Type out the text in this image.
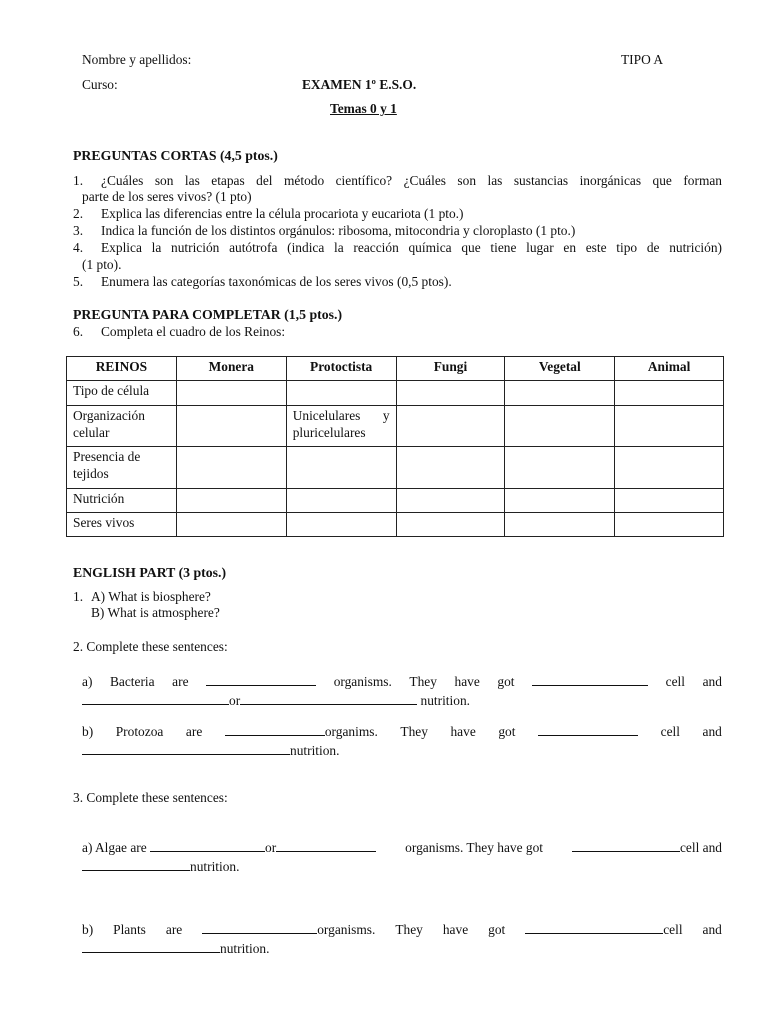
Nombre y apellidos:	TIPO A
Curso:	EXAMEN 1º E.S.O.
Temas 0 y 1
PREGUNTAS CORTAS (4,5 ptos.)
1. ¿Cuáles son las etapas del método científico? ¿Cuáles son las sustancias inorgánicas que forman
parte de los seres vivos? (1 pto)
2. Explica las diferencias entre la célula procariota y eucariota (1 pto.)
3. Indica la función de los distintos orgánulos: ribosoma, mitocondria y cloroplasto (1 pto.)
4. Explica la nutrición autótrofa (indica la reacción química que tiene lugar en este tipo de nutrición)
(1 pto).
5. Enumera las categorías taxonómicas de los seres vivos (0,5 ptos).
PREGUNTA PARA COMPLETAR (1,5 ptos.)
6. Completa el cuadro de los Reinos:
REINOS	Monera	Protoctista	Fungi	Vegetal	Animal
Tipo de célula					
Organización celular		Unicelulares y pluricelulares			
Presencia de tejidos					
Nutrición					
Seres vivos					
ENGLISH PART (3 ptos.)
1. A) What is biosphere?
B) What is atmosphere?
2. Complete these sentences:
a) Bacteria are	organisms. They have got	cell and
or	nutrition.
b) Protozoa are	organims. They have got	cell and
nutrition.
3. Complete these sentences:
a) Algae are	or	organisms. They have got	cell and
nutrition.
b) Plants are	organisms. They have got	cell and
nutrition.
